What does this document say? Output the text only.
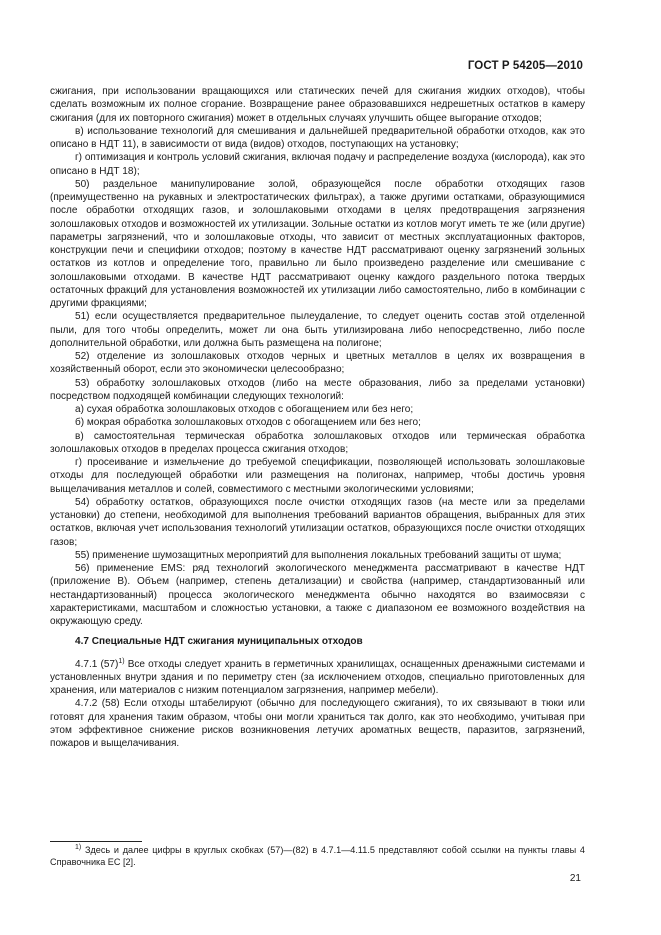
ГОСТ Р 54205—2010

сжигания, при использовании вращающихся или статических печей для сжигания жидких отходов), чтобы сделать возможным их полное сгорание. Возвращение ранее образовавшихся недрешетных остатков в камеру сжигания (для их повторного сжигания) может в отдельных случаях улучшить общее выгорание отходов;

в) использование технологий для смешивания и дальнейшей предварительной обработки отходов, как это описано в НДТ 11), в зависимости от вида (видов) отходов, поступающих на установку;

г) оптимизация и контроль условий сжигания, включая подачу и распределение воздуха (кислорода), как это описано в НДТ 18);

50) раздельное манипулирование золой, образующейся после обработки отходящих газов (преимущественно на рукавных и электростатических фильтрах), а также другими остатками, образующимися после обработки отходящих газов, и золошлаковыми отходами в целях предотвращения загрязнения золошлаковых отходов и возможностей их утилизации. Зольные остатки из котлов могут иметь те же (или другие) параметры загрязнений, что и золошлаковые отходы, что зависит от местных эксплуатационных факторов, конструкции печи и специфики отходов; поэтому в качестве НДТ рассматривают оценку загрязнений зольных остатков из котлов и определение того, правильно ли было произведено разделение или смешивание с золошлаковыми отходами. В качестве НДТ рассматривают оценку каждого раздельного потока твердых остаточных фракций для установления возможностей их утилизации либо самостоятельно, либо в комбинации с другими фракциями;

51) если осуществляется предварительное пылеудаление, то следует оценить состав этой отделенной пыли, для того чтобы определить, может ли она быть утилизирована либо непосредственно, либо после дополнительной обработки, или должна быть размещена на полигоне;

52) отделение из золошлаковых отходов черных и цветных металлов в целях их возвращения в хозяйственный оборот, если это экономически целесообразно;

53) обработку золошлаковых отходов (либо на месте образования, либо за пределами установки) посредством подходящей комбинации следующих технологий:

а) сухая обработка золошлаковых отходов с обогащением или без него;

б) мокрая обработка золошлаковых отходов с обогащением или без него;

в) самостоятельная термическая обработка золошлаковых отходов или термическая обработка золошлаковых отходов в пределах процесса сжигания отходов;

г) просеивание и измельчение до требуемой спецификации, позволяющей использовать золошлаковые отходы для последующей обработки или размещения на полигонах, например, чтобы достичь уровня выщелачивания металлов и солей, совместимого с местными экологическими условиями;

54) обработку остатков, образующихся после очистки отходящих газов (на месте или за пределами установки) до степени, необходимой для выполнения требований вариантов обращения, выбранных для этих остатков, включая учет использования технологий утилизации остатков, образующихся после очистки отходящих газов;

55) применение шумозащитных мероприятий для выполнения локальных требований защиты от шума;

56) применение EMS: ряд технологий экологического менеджмента рассматривают в качестве НДТ (приложение В). Объем (например, степень детализации) и свойства (например, стандартизованный или нестандартизованный) процесса экологического менеджмента обычно находятся во взаимосвязи с характеристиками, масштабом и сложностью установки, а также с диапазоном ее возможного воздействия на окружающую среду.

4.7 Специальные НДТ сжигания муниципальных отходов

4.7.1 $(57)^{1)}$ Все отходы следует хранить в герметичных хранилищах, оснащенных дренажными системами и установленных внутри здания и по периметру стен (за исключением отходов, специально приготовленных для хранения, или материалов с низким потенциалом загрязнения, например мебели).

4.7.2 (58) Если отходы штабелируют (обычно для последующего сжигания), то их связывают в тюки или готовят для хранения таким образом, чтобы они могли храниться так долго, как это необходимо, учитывая при этом эффективное снижение рисков возникновения летучих ароматных веществ, паразитов, загрязнений, пожаров и выщелачивания.

$^{1)}$ Здесь и далее цифры в круглых скобках (57)—(82) в 4.7.1—4.11.5 представляют собой ссылки на пункты главы 4 Справочника ЕС [2].

21
